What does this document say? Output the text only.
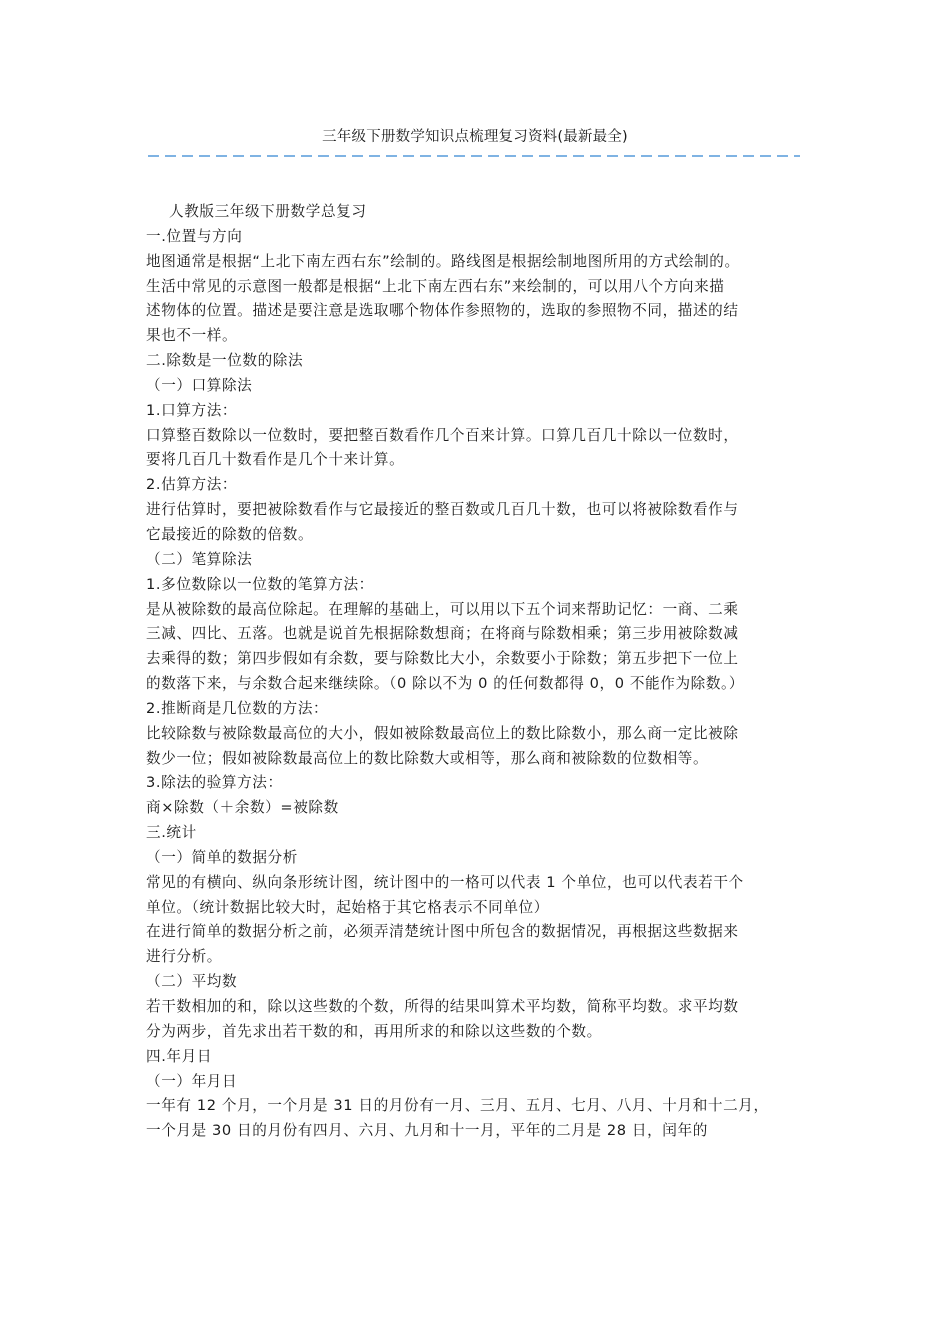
三年级下册数学知识点梳理复习资料(最新最全)

人教版三年级下册数学总复习

一.位置与方向

地图通常是根据“上北下南左西右东”绘制的。路线图是根据绘制地图所用的方式绘制的。

生活中常见的示意图一般都是根据“上北下南左西右东”来绘制的，可以用八个方向来描

述物体的位置。描述是要注意是选取哪个物体作参照物的，选取的参照物不同，描述的结

果也不一样。

二.除数是一位数的除法

（一）口算除法

1.口算方法：

口算整百数除以一位数时，要把整百数看作几个百来计算。口算几百几十除以一位数时，

要将几百几十数看作是几个十来计算。

2.估算方法：

进行估算时，要把被除数看作与它最接近的整百数或几百几十数，也可以将被除数看作与

它最接近的除数的倍数。

（二）笔算除法

1.多位数除以一位数的笔算方法：

是从被除数的最高位除起。在理解的基础上，可以用以下五个词来帮助记忆：一商、二乘

三减、四比、五落。也就是说首先根据除数想商；在将商与除数相乘；第三步用被除数减

去乘得的数；第四步假如有余数，要与除数比大小，余数要小于除数；第五步把下一位上

的数落下来，与余数合起来继续除。（0 除以不为 0 的任何数都得 0，0 不能作为除数。）

2.推断商是几位数的方法：

比较除数与被除数最高位的大小，假如被除数最高位上的数比除数小，那么商一定比被除

数少一位；假如被除数最高位上的数比除数大或相等，那么商和被除数的位数相等。

3.除法的验算方法：

商×除数（＋余数）=被除数

三.统计

（一）简单的数据分析

常见的有横向、纵向条形统计图，统计图中的一格可以代表 1 个单位，也可以代表若干个

单位。（统计数据比较大时，起始格于其它格表示不同单位）

在进行简单的数据分析之前，必须弄清楚统计图中所包含的数据情况，再根据这些数据来

进行分析。

（二）平均数

若干数相加的和，除以这些数的个数，所得的结果叫算术平均数，简称平均数。求平均数

分为两步，首先求出若干数的和，再用所求的和除以这些数的个数。

四.年月日

（一）年月日

一年有 12 个月，一个月是 31 日的月份有一月、三月、五月、七月、八月、十月和十二月，

一个月是 30 日的月份有四月、六月、九月和十一月，平年的二月是 28 日，闰年的
